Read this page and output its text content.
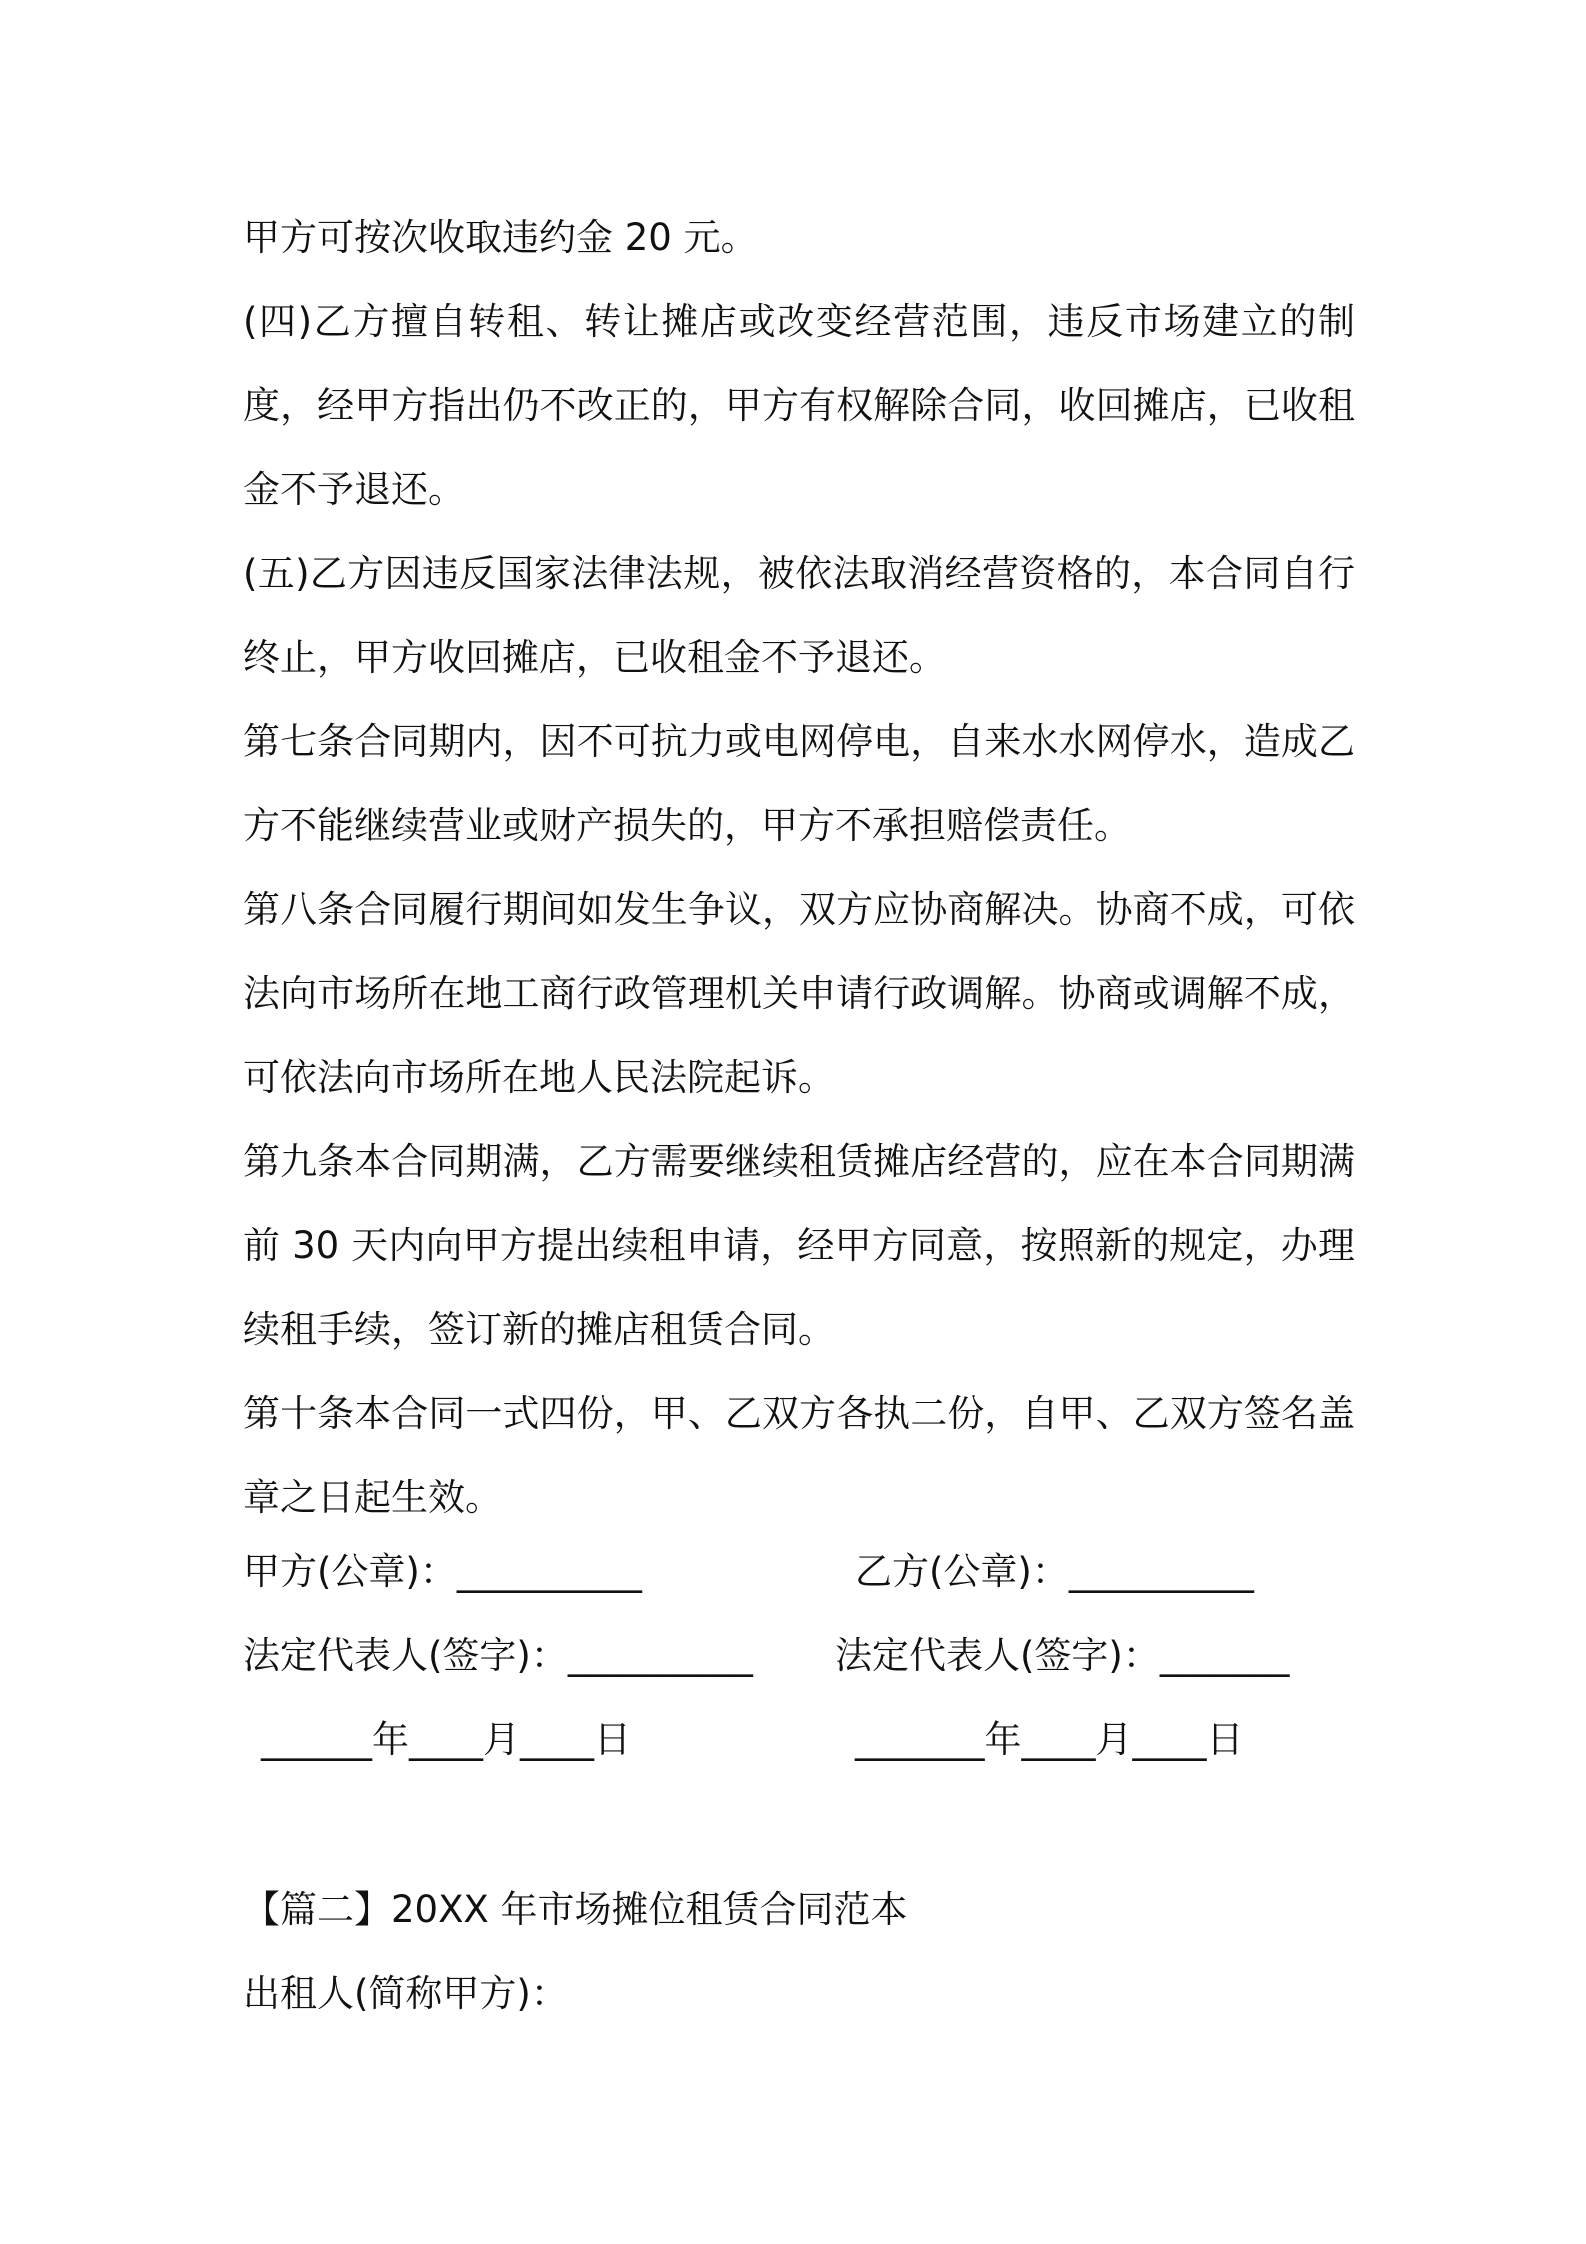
甲方可按次收取违约金 20 元。

(四)乙方擅自转租、转让摊店或改变经营范围，违反市场建立的制度，经甲方指出仍不改正的，甲方有权解除合同，收回摊店，已收租金不予退还。

(五)乙方因违反国家法律法规，被依法取消经营资格的，本合同自行终止，甲方收回摊店，已收租金不予退还。

第七条合同期内，因不可抗力或电网停电，自来水水网停水，造成乙方不能继续营业或财产损失的，甲方不承担赔偿责任。

第八条合同履行期间如发生争议，双方应协商解决。协商不成，可依法向市场所在地工商行政管理机关申请行政调解。协商或调解不成，可依法向市场所在地人民法院起诉。

第九条本合同期满，乙方需要继续租赁摊店经营的，应在本合同期满前 30 天内向甲方提出续租申请，经甲方同意，按照新的规定，办理续租手续，签订新的摊店租赁合同。

第十条本合同一式四份，甲、乙双方各执二份，自甲、乙双方签名盖章之日起生效。

甲方(公章)：__________	乙方(公章)：__________
法定代表人(签字)：__________ 法定代表人(签字)：_______
______年____月____日	_______年____月____日

【篇二】20XX 年市场摊位租赁合同范本

出租人(简称甲方)：
